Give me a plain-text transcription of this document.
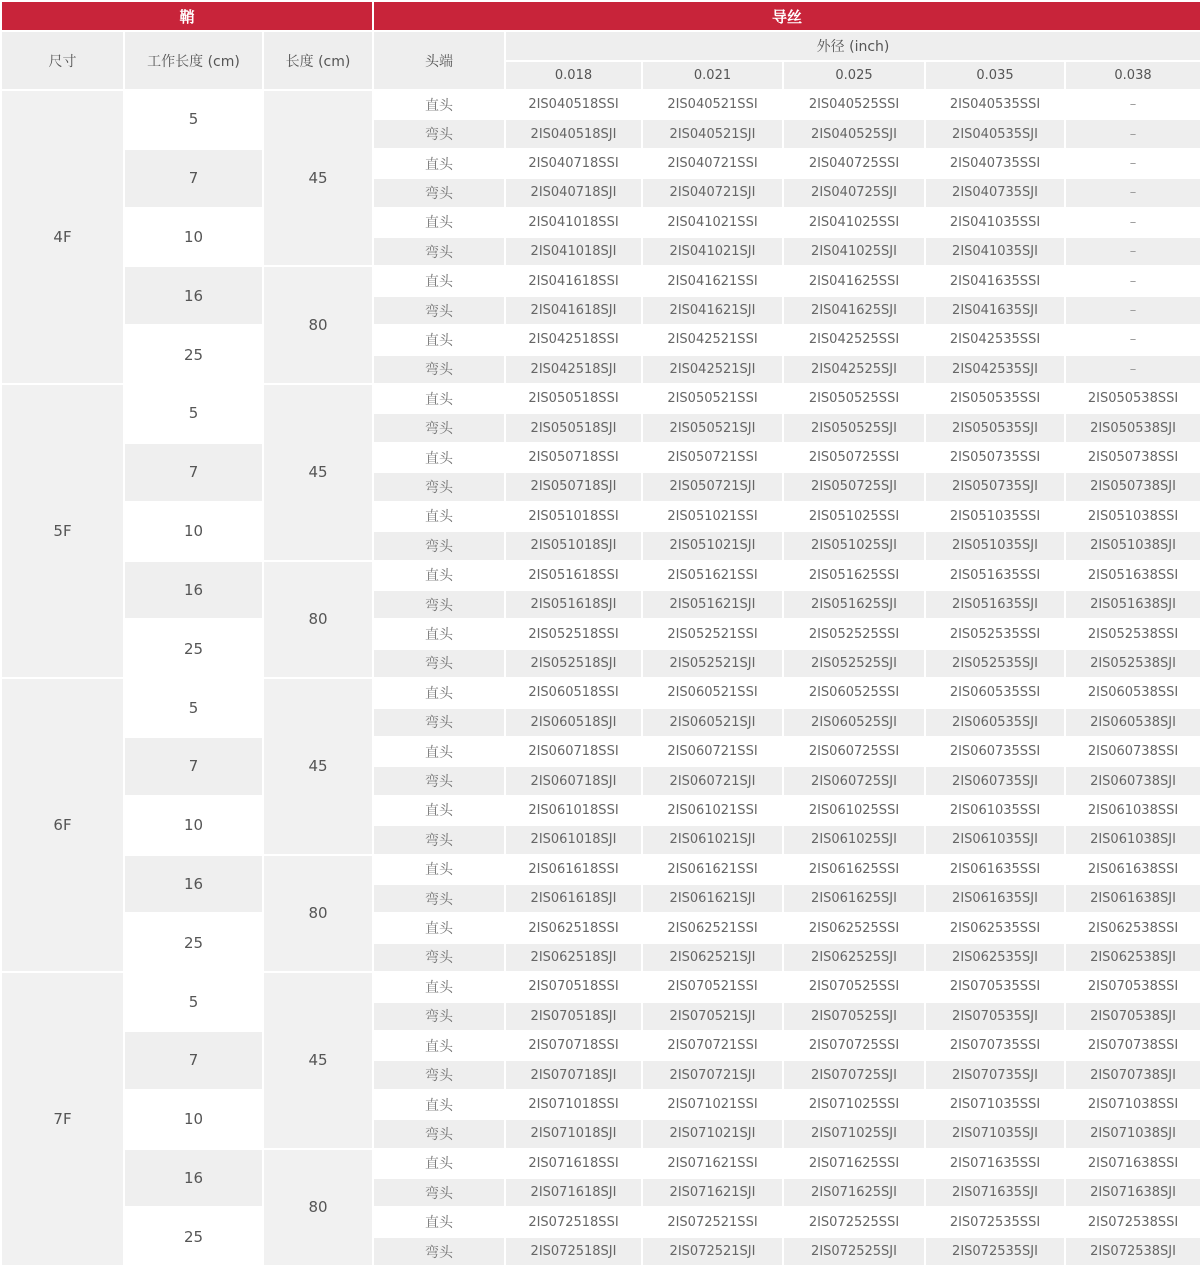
鞘			导丝					
尺寸	工作长度 (cm)	长度 (cm)	头端	外径 (inch)				
				0.018	0.021	0.025	0.035	0.038
4F	5	45	直头	2IS040518SSI	2IS040521SSI	2IS040525SSI	2IS040535SSI	–
			弯头	2IS040518SJI	2IS040521SJI	2IS040525SJI	2IS040535SJI	–
	7		直头	2IS040718SSI	2IS040721SSI	2IS040725SSI	2IS040735SSI	–
			弯头	2IS040718SJI	2IS040721SJI	2IS040725SJI	2IS040735SJI	–
	10		直头	2IS041018SSI	2IS041021SSI	2IS041025SSI	2IS041035SSI	–
			弯头	2IS041018SJI	2IS041021SJI	2IS041025SJI	2IS041035SJI	–
	16	80	直头	2IS041618SSI	2IS041621SSI	2IS041625SSI	2IS041635SSI	–
			弯头	2IS041618SJI	2IS041621SJI	2IS041625SJI	2IS041635SJI	–
	25		直头	2IS042518SSI	2IS042521SSI	2IS042525SSI	2IS042535SSI	–
			弯头	2IS042518SJI	2IS042521SJI	2IS042525SJI	2IS042535SJI	–
5F	5	45	直头	2IS050518SSI	2IS050521SSI	2IS050525SSI	2IS050535SSI	2IS050538SSI
			弯头	2IS050518SJI	2IS050521SJI	2IS050525SJI	2IS050535SJI	2IS050538SJI
	7		直头	2IS050718SSI	2IS050721SSI	2IS050725SSI	2IS050735SSI	2IS050738SSI
			弯头	2IS050718SJI	2IS050721SJI	2IS050725SJI	2IS050735SJI	2IS050738SJI
	10		直头	2IS051018SSI	2IS051021SSI	2IS051025SSI	2IS051035SSI	2IS051038SSI
			弯头	2IS051018SJI	2IS051021SJI	2IS051025SJI	2IS051035SJI	2IS051038SJI
	16	80	直头	2IS051618SSI	2IS051621SSI	2IS051625SSI	2IS051635SSI	2IS051638SSI
			弯头	2IS051618SJI	2IS051621SJI	2IS051625SJI	2IS051635SJI	2IS051638SJI
	25		直头	2IS052518SSI	2IS052521SSI	2IS052525SSI	2IS052535SSI	2IS052538SSI
			弯头	2IS052518SJI	2IS052521SJI	2IS052525SJI	2IS052535SJI	2IS052538SJI
6F	5	45	直头	2IS060518SSI	2IS060521SSI	2IS060525SSI	2IS060535SSI	2IS060538SSI
			弯头	2IS060518SJI	2IS060521SJI	2IS060525SJI	2IS060535SJI	2IS060538SJI
	7		直头	2IS060718SSI	2IS060721SSI	2IS060725SSI	2IS060735SSI	2IS060738SSI
			弯头	2IS060718SJI	2IS060721SJI	2IS060725SJI	2IS060735SJI	2IS060738SJI
	10		直头	2IS061018SSI	2IS061021SSI	2IS061025SSI	2IS061035SSI	2IS061038SSI
			弯头	2IS061018SJI	2IS061021SJI	2IS061025SJI	2IS061035SJI	2IS061038SJI
	16	80	直头	2IS061618SSI	2IS061621SSI	2IS061625SSI	2IS061635SSI	2IS061638SSI
			弯头	2IS061618SJI	2IS061621SJI	2IS061625SJI	2IS061635SJI	2IS061638SJI
	25		直头	2IS062518SSI	2IS062521SSI	2IS062525SSI	2IS062535SSI	2IS062538SSI
			弯头	2IS062518SJI	2IS062521SJI	2IS062525SJI	2IS062535SJI	2IS062538SJI
7F	5	45	直头	2IS070518SSI	2IS070521SSI	2IS070525SSI	2IS070535SSI	2IS070538SSI
			弯头	2IS070518SJI	2IS070521SJI	2IS070525SJI	2IS070535SJI	2IS070538SJI
	7		直头	2IS070718SSI	2IS070721SSI	2IS070725SSI	2IS070735SSI	2IS070738SSI
			弯头	2IS070718SJI	2IS070721SJI	2IS070725SJI	2IS070735SJI	2IS070738SJI
	10		直头	2IS071018SSI	2IS071021SSI	2IS071025SSI	2IS071035SSI	2IS071038SSI
			弯头	2IS071018SJI	2IS071021SJI	2IS071025SJI	2IS071035SJI	2IS071038SJI
	16	80	直头	2IS071618SSI	2IS071621SSI	2IS071625SSI	2IS071635SSI	2IS071638SSI
			弯头	2IS071618SJI	2IS071621SJI	2IS071625SJI	2IS071635SJI	2IS071638SJI
	25		直头	2IS072518SSI	2IS072521SSI	2IS072525SSI	2IS072535SSI	2IS072538SSI
			弯头	2IS072518SJI	2IS072521SJI	2IS072525SJI	2IS072535SJI	2IS072538SJI
